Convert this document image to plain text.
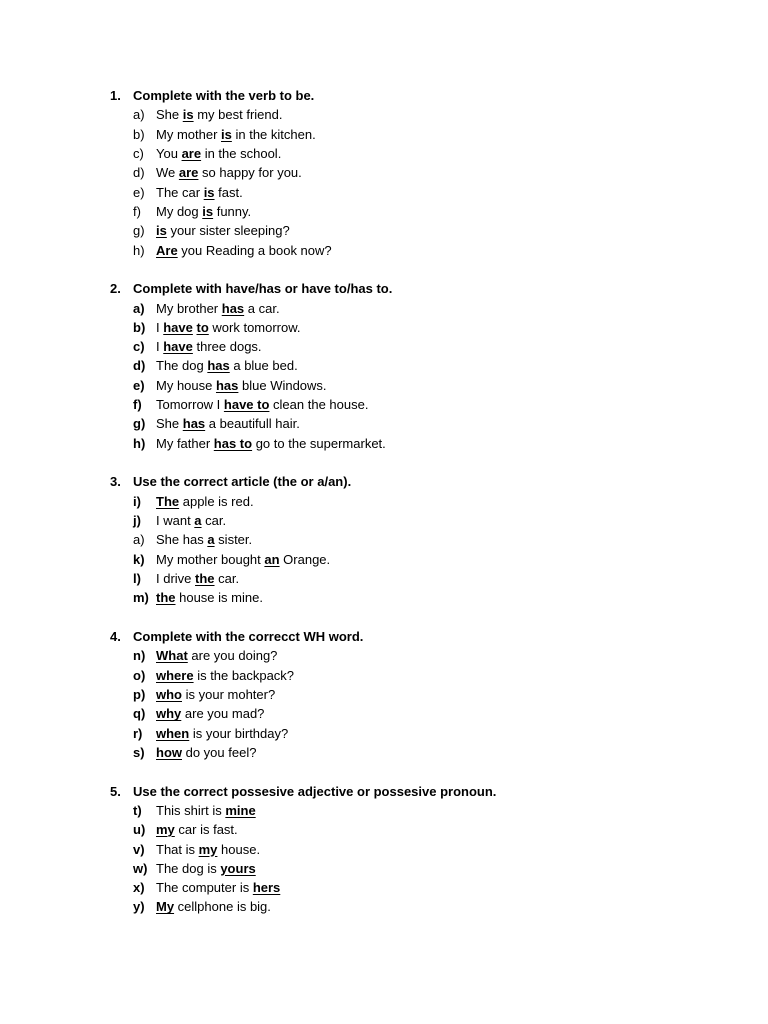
1. Complete with the verb to be.
a) She is my best friend.
b) My mother is in the kitchen.
c) You are in the school.
d) We are so happy for you.
e) The car is fast.
f) My dog is funny.
g) is your sister sleeping?
h) Are you Reading a book now?
2. Complete with have/has or have to/has to.
a) My brother has a car.
b) I have to work tomorrow.
c) I have three dogs.
d) The dog has a blue bed.
e) My house has blue Windows.
f) Tomorrow I have to clean the house.
g) She has a beautifull hair.
h) My father has to go to the supermarket.
3. Use the correct article (the or a/an).
i) The apple is red.
j) I want a car.
a) She has a sister.
k) My mother bought an Orange.
l) I drive the car.
m) the house is mine.
4. Complete with the correcct WH word.
n) What are you doing?
o) where is the backpack?
p) who is your mohter?
q) why are you mad?
r) when is your birthday?
s) how do you feel?
5. Use the correct possesive adjective or possesive pronoun.
t) This shirt is mine
u) my car is fast.
v) That is my house.
w) The dog is yours
x) The computer is hers
y) My cellphone is big.
